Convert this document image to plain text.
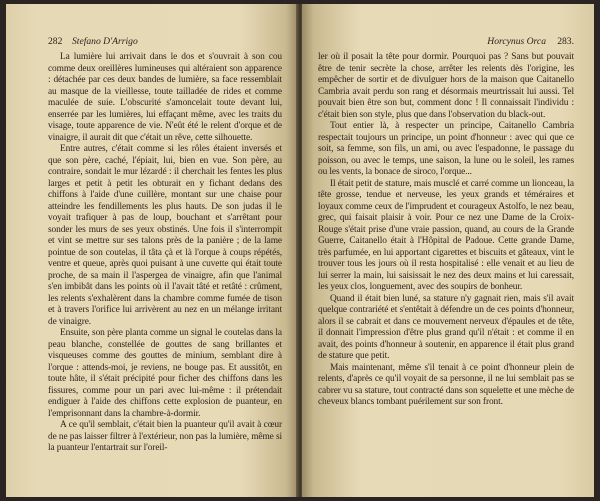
282 Stefano D'Arrigo

La lumière lui arrivait dans le dos et s'ouvrait à son cou comme deux oreillères lumineuses qui altéraient son apparence : détachée par ces deux bandes de lumière, sa face ressemblait au masque de la vieillesse, toute tailladée de rides et comme maculée de suie. L'obscurité s'amoncelait toute devant lui, enserrée par les lumières, lui effaçant même, avec les traits du visage, toute apparence de vie. N'eût été le relent d'orque et de vinaigre, il aurait dit que c'était un rêve, cette silhouette.

Entre autres, c'était comme si les rôles étaient inversés et que son père, caché, l'épiait, lui, bien en vue. Son père, au contraire, sondait le mur lézardé : il cherchait les fentes les plus larges et petit à petit les obturait en y fichant dedans des chiffons à l'aide d'une cuillère, montant sur une chaise pour atteindre les fendillements les plus hauts. De son judas il le voyait trafiquer à pas de loup, bouchant et s'arrêtant pour sonder les murs de ses yeux obstinés. Une fois il s'interrompit et vint se mettre sur ses talons près de la panière ; de la lame pointue de son coutelas, il tâta çà et là l'orque à coups répétés, ventre et queue, après quoi puisant à une cuvette qui était toute proche, de sa main il l'aspergea de vinaigre, afin que l'animal s'en imbibât dans les points où il l'avait tâté et retâté : crûment, les relents s'exhalèrent dans la chambre comme fumée de tison et à travers l'orifice lui arrivèrent au nez en un mélange irritant de vinaigre.

Ensuite, son père planta comme un signal le coutelas dans la peau blanche, constellée de gouttes de sang brillantes et visqueuses comme des gouttes de minium, semblant dire à l'orque : attends-moi, je reviens, ne bouge pas. Et aussitôt, en toute hâte, il s'était précipité pour ficher des chiffons dans les fissures, comme pour un pari avec lui-même : il prétendait endiguer à l'aide des chiffons cette explosion de puanteur, en l'emprisonnant dans la chambre-à-dormir.

A ce qu'il semblait, c'était bien la puanteur qu'il avait à cœur de ne pas laisser filtrer à l'extérieur, non pas la lumière, même si la puanteur l'entartrait sur l'oreil-

Horcynus Orca 283.

ler où il posait la tête pour dormir. Pourquoi pas ? Sans but pouvait être de tenir secrète la chose, arrêter les relents dès l'origine, les empêcher de sortir et de divulguer hors de la maison que Caitanello Cambria avait perdu son rang et désormais meurtrissait lui aussi. Tel pouvait bien être son but, comment donc ! Il connaissait l'individu : c'était bien son style, plus que dans l'observation du black-out.

Tout entier là, à respecter un principe, Caitanello Cambria respectait toujours un principe, un point d'honneur : avec qui que ce soit, sa femme, son fils, un ami, ou avec l'espadonne, le passage du poisson, ou avec le temps, une saison, la lune ou le soleil, les rames ou les vents, la bonace de siroco, l'orque...

Il était petit de stature, mais musclé et carré comme un lionceau, la tête grosse, tendue et nerveuse, les yeux grands et téméraires et loyaux comme ceux de l'imprudent et courageux Astolfo, le nez beau, grec, qui faisait plaisir à voir. Pour ce nez une Dame de la Croix-Rouge s'était prise d'une vraie passion, quand, au cours de la Grande Guerre, Caitanello était à l'Hôpital de Padoue. Cette grande Dame, très parfumée, en lui apportant cigarettes et biscuits et gâteaux, vint le trouver tous les jours où il resta hospitalisé : elle venait et au lieu de lui serrer la main, lui saisissait le nez des deux mains et lui caressait, les yeux clos, longuement, avec des soupirs de bonheur.

Quand il était bien luné, sa stature n'y gagnait rien, mais s'il avait quelque contrariété et s'entêtait à défendre un de ces points d'honneur, alors il se cabrait et dans ce mouvement nerveux d'épaules et de tête, il donnait l'impression d'être plus grand qu'il n'était : et comme il en avait, des points d'honneur à soutenir, en apparence il était plus grand de stature que petit.

Mais maintenant, même s'il tenait à ce point d'honneur plein de relents, d'après ce qu'il voyait de sa personne, il ne lui semblait pas se cabrer vu sa stature, tout contracté dans son squelette et une mèche de cheveux blancs tombant puérilement sur son front.
